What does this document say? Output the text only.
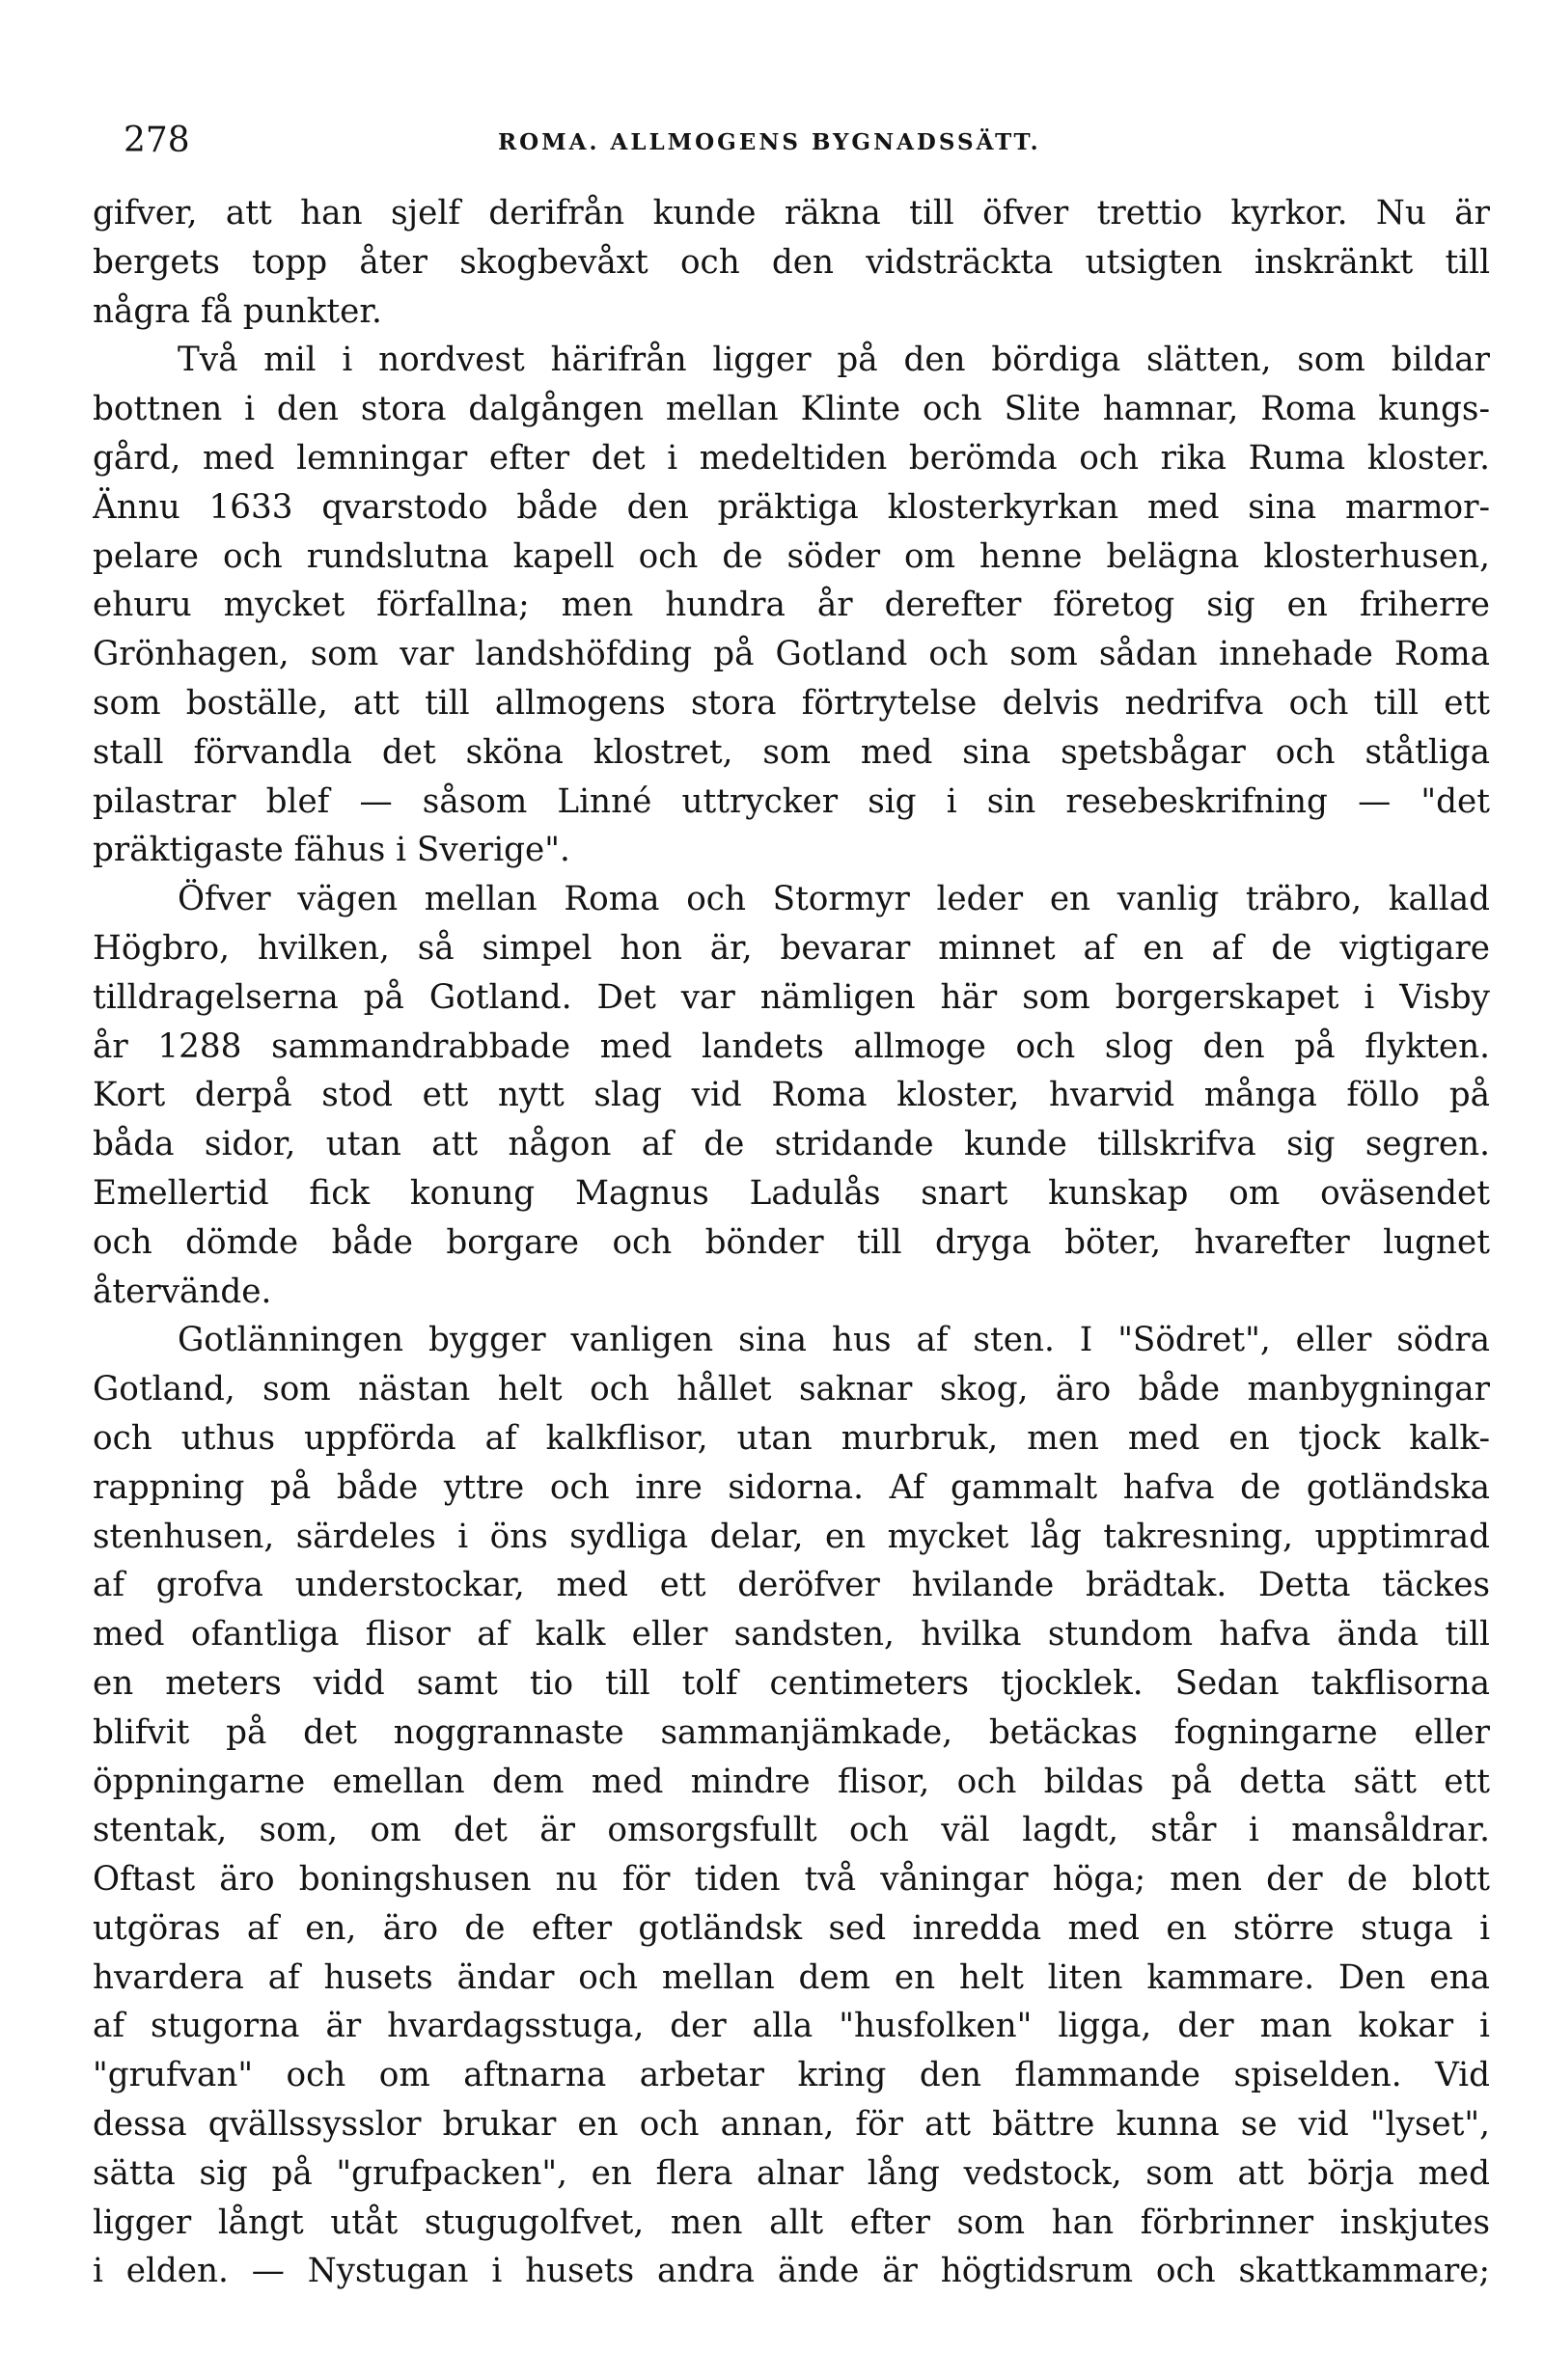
278	ROMA. ALLMOGENS BYGNADSSÄTT.
gifver, att han sjelf derifrån kunde räkna till öfver trettio kyrkor. Nu är
bergets topp åter skogbevåxt och den vidsträckta utsigten inskränkt till
några få punkter.
Två mil i nordvest härifrån ligger på den bördiga slätten, som bildar
bottnen i den stora dalgången mellan Klinte och Slite hamnar, Roma kungs-
gård, med lemningar efter det i medeltiden berömda och rika Ruma kloster.
Ännu 1633 qvarstodo både den präktiga klosterkyrkan med sina marmor-
pelare och rundslutna kapell och de söder om henne belägna klosterhusen,
ehuru mycket förfallna; men hundra år derefter företog sig en friherre
Grönhagen, som var landshöfding på Gotland och som sådan innehade Roma
som boställe, att till allmogens stora förtrytelse delvis nedrifva och till ett
stall förvandla det sköna klostret, som med sina spetsbågar och ståtliga
pilastrar blef — såsom Linné uttrycker sig i sin resebeskrifning — "det
präktigaste fähus i Sverige".
Öfver vägen mellan Roma och Stormyr leder en vanlig träbro, kallad
Högbro, hvilken, så simpel hon är, bevarar minnet af en af de vigtigare
tilldragelserna på Gotland. Det var nämligen här som borgerskapet i Visby
år 1288 sammandrabbade med landets allmoge och slog den på flykten.
Kort derpå stod ett nytt slag vid Roma kloster, hvarvid många föllo på
båda sidor, utan att någon af de stridande kunde tillskrifva sig segren.
Emellertid fick konung Magnus Ladulås snart kunskap om oväsendet
och dömde både borgare och bönder till dryga böter, hvarefter lugnet
återvände.
Gotlänningen bygger vanligen sina hus af sten. I "Södret", eller södra
Gotland, som nästan helt och hållet saknar skog, äro både manbygningar
och uthus uppförda af kalkflisor, utan murbruk, men med en tjock kalk-
rappning på både yttre och inre sidorna. Af gammalt hafva de gotländska
stenhusen, särdeles i öns sydliga delar, en mycket låg takresning, upptimrad
af grofva understockar, med ett deröfver hvilande brädtak. Detta täckes
med ofantliga flisor af kalk eller sandsten, hvilka stundom hafva ända till
en meters vidd samt tio till tolf centimeters tjocklek. Sedan takflisorna
blifvit på det noggrannaste sammanjämkade, betäckas fogningarne eller
öppningarne emellan dem med mindre flisor, och bildas på detta sätt ett
stentak, som, om det är omsorgsfullt och väl lagdt, står i mansåldrar.
Oftast äro boningshusen nu för tiden två våningar höga; men der de blott
utgöras af en, äro de efter gotländsk sed inredda med en större stuga i
hvardera af husets ändar och mellan dem en helt liten kammare. Den ena
af stugorna är hvardagsstuga, der alla "husfolken" ligga, der man kokar i
"grufvan" och om aftnarna arbetar kring den flammande spiselden. Vid
dessa qvällssysslor brukar en och annan, för att bättre kunna se vid "lyset",
sätta sig på "grufpacken", en flera alnar lång vedstock, som att börja med
ligger långt utåt stugugolfvet, men allt efter som han förbrinner inskjutes
i elden. — Nystugan i husets andra ände är högtidsrum och skattkammare;
